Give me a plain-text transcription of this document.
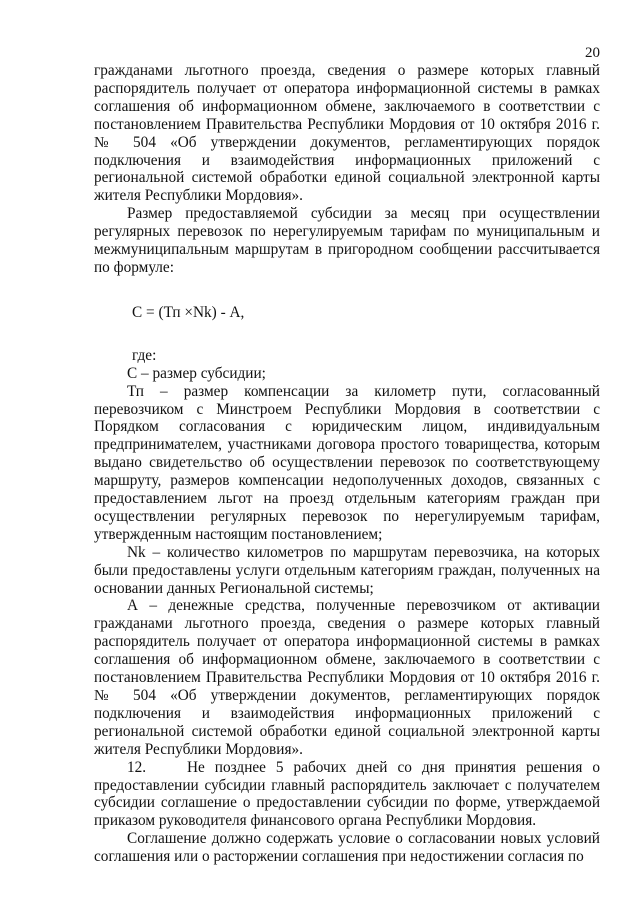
20

гражданами льготного проезда, сведения о размере которых главный распорядитель получает от оператора информационной системы в рамках соглашения об информационном обмене, заключаемого в соответствии с постановлением Правительства Республики Мордовия от 10 октября 2016 г. № 504 «Об утверждении документов, регламентирующих порядок подключения и взаимодействия информационных приложений с региональной системой обработки единой социальной электронной карты жителя Республики Мордовия».

Размер предоставляемой субсидии за месяц при осуществлении регулярных перевозок по нерегулируемым тарифам по муниципальным и межмуниципальным маршрутам в пригородном сообщении рассчитывается по формуле:

С = (Тп ×Nk) - А,

где:

С – размер субсидии;

Тп – размер компенсации за километр пути, согласованный перевозчиком с Минстроем Республики Мордовия в соответствии с Порядком согласования с юридическим лицом, индивидуальным предпринимателем, участниками договора простого товарищества, которым выдано свидетельство об осуществлении перевозок по соответствующему маршруту, размеров компенсации недополученных доходов, связанных с предоставлением льгот на проезд отдельным категориям граждан при осуществлении регулярных перевозок по нерегулируемым тарифам, утвержденным настоящим постановлением;

Nk – количество километров по маршрутам перевозчика, на которых были предоставлены услуги отдельным категориям граждан, полученных на основании данных Региональной системы;

А – денежные средства, полученные перевозчиком от активации гражданами льготного проезда, сведения о размере которых главный распорядитель получает от оператора информационной системы в рамках соглашения об информационном обмене, заключаемого в соответствии с постановлением Правительства Республики Мордовия от 10 октября 2016 г. № 504 «Об утверждении документов, регламентирующих порядок подключения и взаимодействия информационных приложений с региональной системой обработки единой социальной электронной карты жителя Республики Мордовия».

12.	Не позднее 5 рабочих дней со дня принятия решения о предоставлении субсидии главный распорядитель заключает с получателем субсидии соглашение о предоставлении субсидии по форме, утверждаемой приказом руководителя финансового органа Республики Мордовия.

Соглашение должно содержать условие о согласовании новых условий соглашения или о расторжении соглашения при недостижении согласия по
